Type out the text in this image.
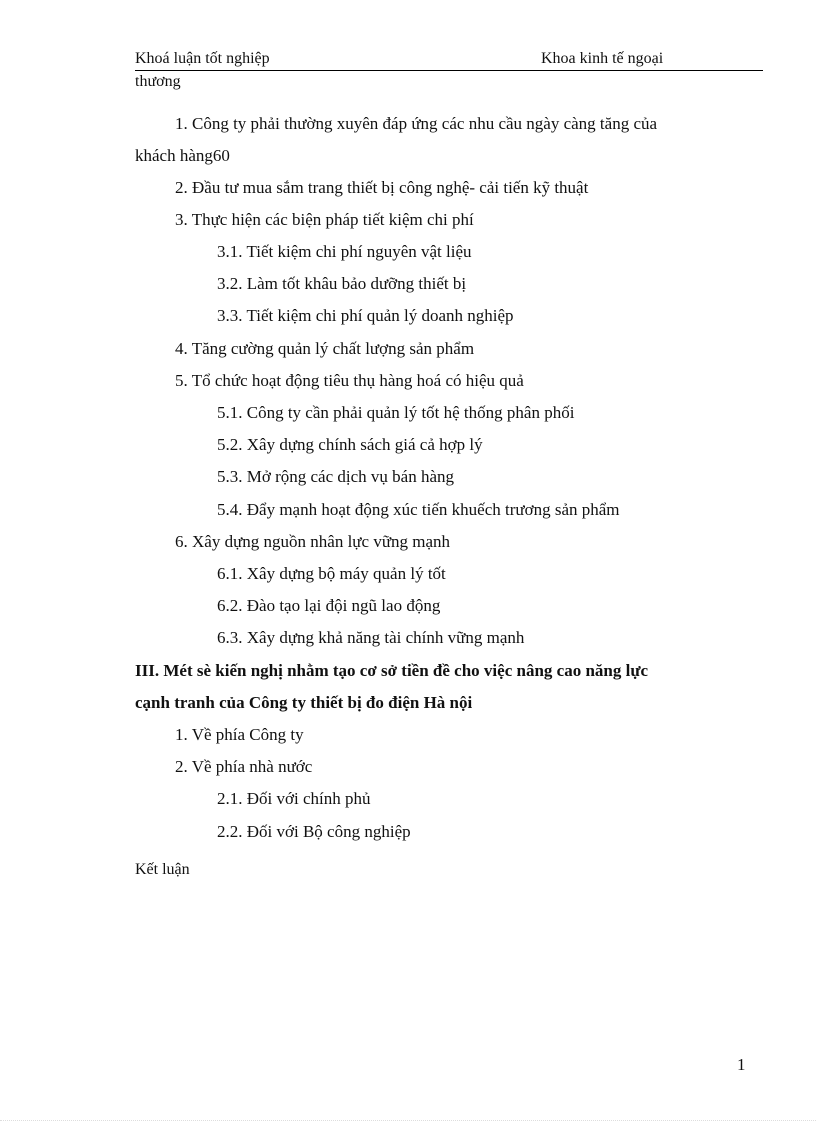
Khoá luận tốt nghiệp	Khoa kinh tế ngoại
thương
1. Công ty phải thường xuyên đáp ứng các nhu cầu ngày càng tăng của
khách hàng60
2. Đầu tư mua sắm trang thiết bị công nghệ- cải tiến kỹ thuật
3. Thực hiện các biện pháp tiết kiệm chi phí
3.1. Tiết kiệm chi phí nguyên vật liệu
3.2. Làm tốt khâu bảo dưỡng thiết bị
3.3. Tiết kiệm chi phí quản lý doanh nghiệp
4. Tăng cường quản lý chất lượng sản phẩm
5. Tổ chức hoạt động tiêu thụ hàng hoá có hiệu quả
5.1. Công ty cần phải quản lý tốt hệ thống phân phối
5.2. Xây dựng chính sách giá cả hợp lý
5.3. Mở rộng các dịch vụ bán hàng
5.4. Đẩy mạnh hoạt động xúc tiến khuếch trương sản phẩm
6. Xây dựng nguồn nhân lực vững mạnh
6.1. Xây dựng bộ máy quản lý tốt
6.2. Đào tạo lại đội ngũ lao động
6.3. Xây dựng khả năng tài chính vững mạnh
III. Mét sè kiến nghị nhằm tạo cơ sở tiền đề cho việc nâng cao năng lực
cạnh tranh của Công ty thiết bị đo điện Hà nội
1. Về phía Công ty
2. Về phía nhà nước
2.1. Đối với chính phủ
2.2. Đối với Bộ công nghiệp
Kết luận
1
